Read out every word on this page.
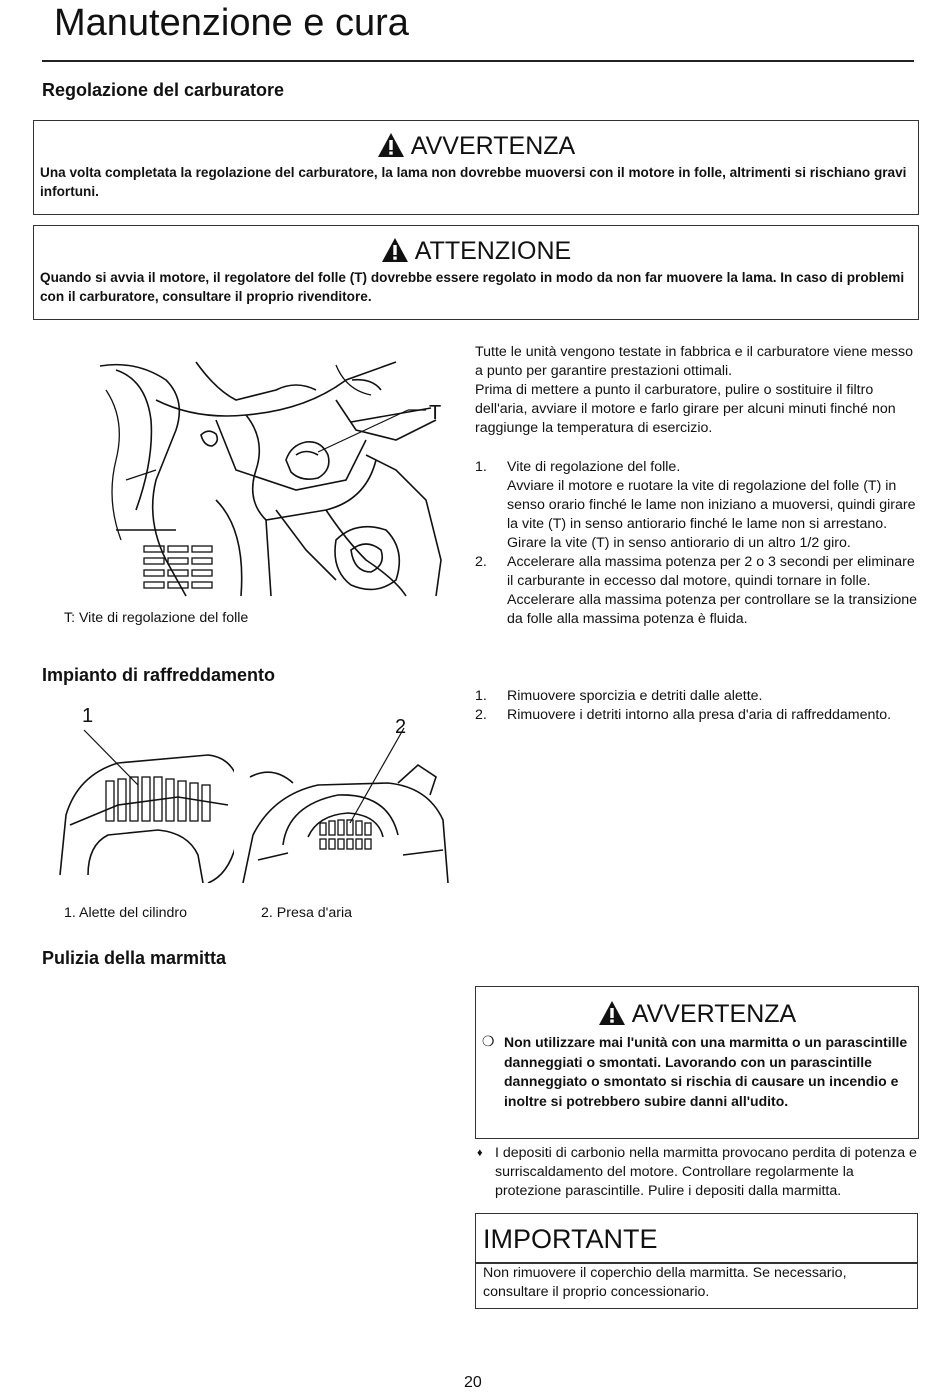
Manutenzione e cura
Regolazione del carburatore
AVVERTENZA
Una volta completata la regolazione del carburatore, la lama non dovrebbe muoversi con il motore in folle, altrimenti si rischiano gravi infortuni.
ATTENZIONE
Quando si avvia il motore, il regolatore del folle (T) dovrebbe essere regolato in modo da non far muovere la lama. In caso di problemi con il carburatore, consultare il proprio rivenditore.
T
T: Vite di regolazione del folle
Tutte le unità vengono testate in fabbrica e il carburatore viene messo a punto per garantire prestazioni ottimali.
Prima di mettere a punto il carburatore, pulire o sostituire il filtro dell'aria, avviare il motore e farlo girare per alcuni minuti finché non raggiunge la temperatura di esercizio.
1. Vite di regolazione del folle.
Avviare il motore e ruotare la vite di regolazione del folle (T) in senso orario finché le lame non iniziano a muoversi, quindi girare la vite (T) in senso antiorario finché le lame non si arrestano. Girare la vite (T) in senso antiorario di un altro 1/2 giro.
2. Accelerare alla massima potenza per 2 o 3 secondi per eliminare il carburante in eccesso dal motore, quindi tornare in folle. Accelerare alla massima potenza per controllare se la transizione da folle alla massima potenza è fluida.
Impianto di raffreddamento
1	2
1. Alette del cilindro	2. Presa d'aria
1. Rimuovere sporcizia e detriti dalle alette.
2. Rimuovere i detriti intorno alla presa d'aria di raffreddamento.
Pulizia della marmitta
AVVERTENZA
❍ Non utilizzare mai l'unità con una marmitta o un parascintille danneggiati o smontati. Lavorando con un parascintille danneggiato o smontato si rischia di causare un incendio e inoltre si potrebbero subire danni all'udito.
♦ I depositi di carbonio nella marmitta provocano perdita di potenza e surriscaldamento del motore. Controllare regolarmente la protezione parascintille. Pulire i depositi dalla marmitta.
IMPORTANTE
Non rimuovere il coperchio della marmitta. Se necessario, consultare il proprio concessionario.
20
